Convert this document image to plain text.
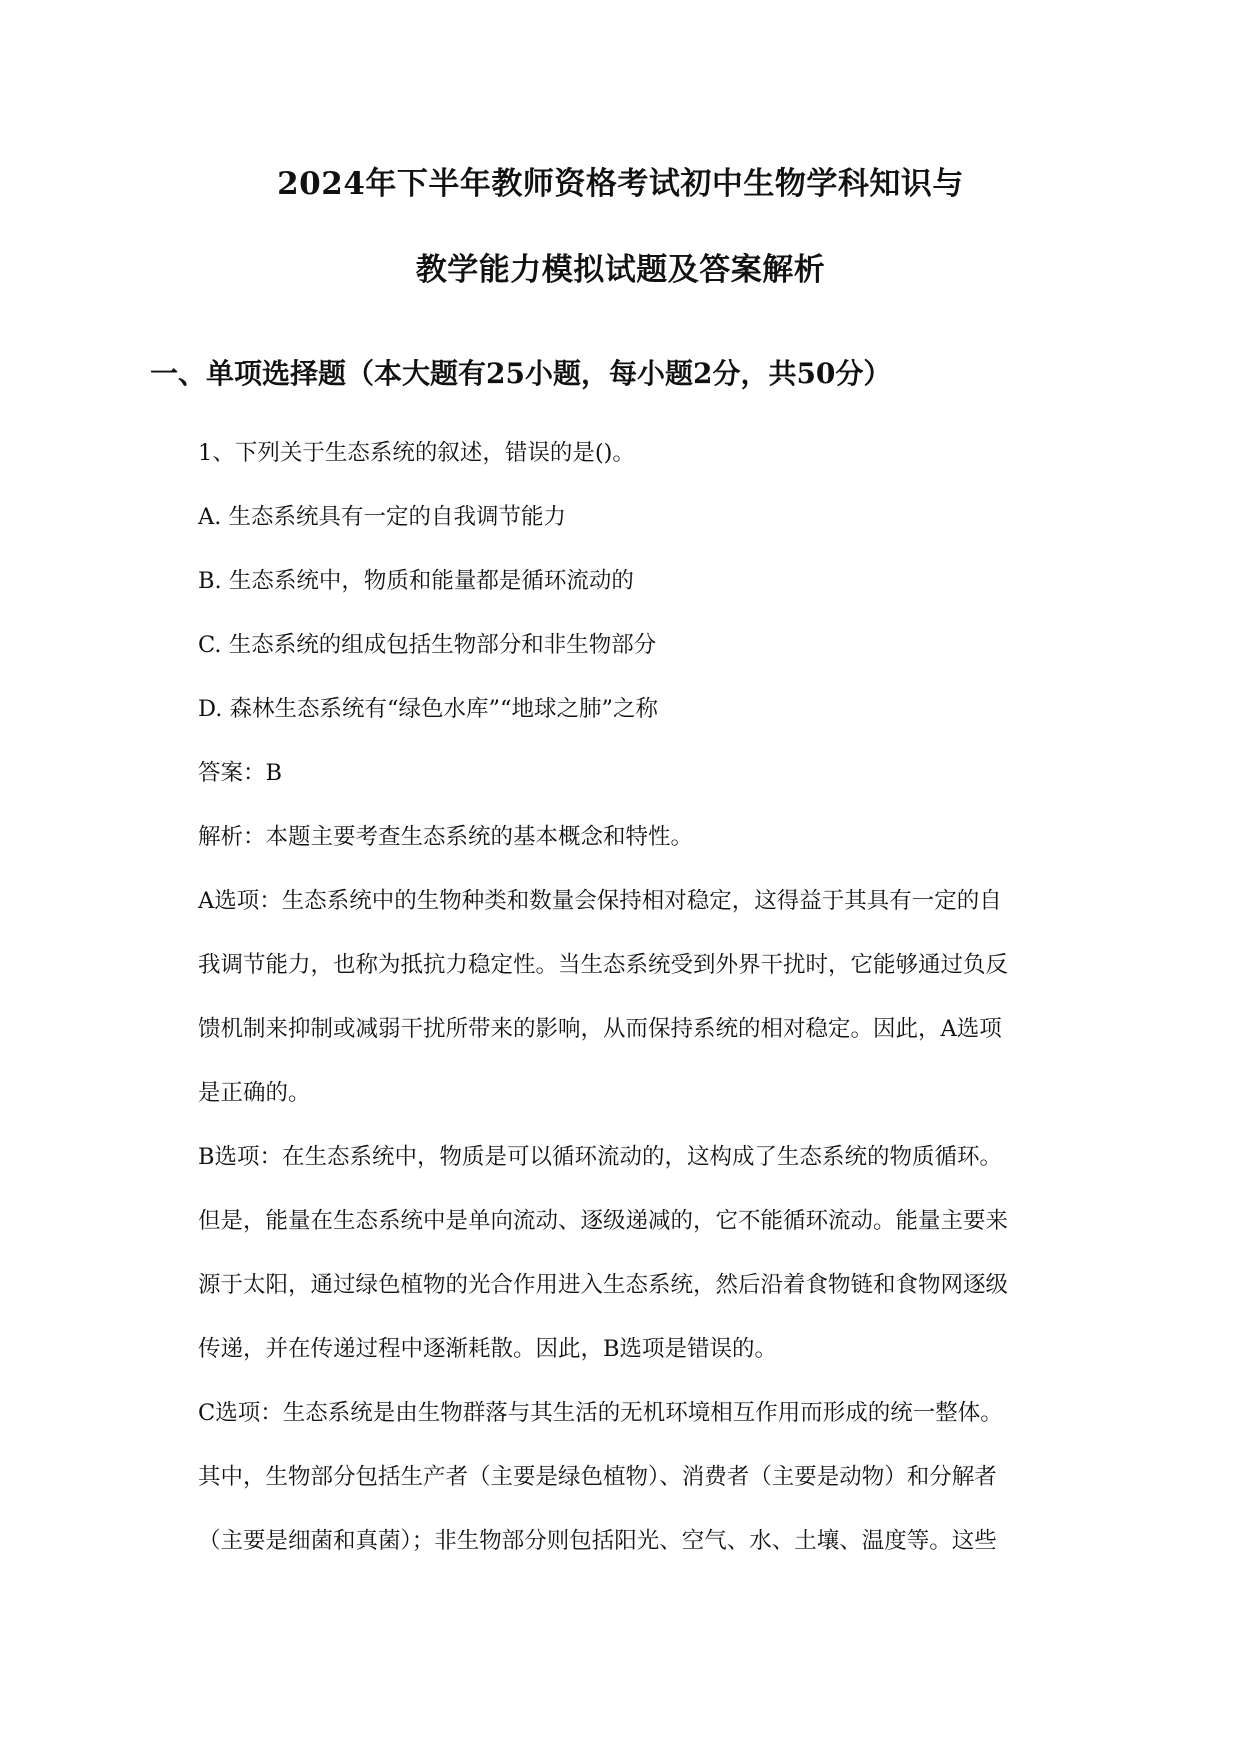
2024年下半年教师资格考试初中生物学科知识与
教学能力模拟试题及答案解析
一、单项选择题（本大题有25小题，每小题2分，共50分）
1、下列关于生态系统的叙述，错误的是()。
A. 生态系统具有一定的自我调节能力
B. 生态系统中，物质和能量都是循环流动的
C. 生态系统的组成包括生物部分和非生物部分
D. 森林生态系统有“绿色水库”“地球之肺”之称
答案：B
解析：本题主要考查生态系统的基本概念和特性。
A选项：生态系统中的生物种类和数量会保持相对稳定，这得益于其具有一定的自
我调节能力，也称为抵抗力稳定性。当生态系统受到外界干扰时，它能够通过负反
馈机制来抑制或减弱干扰所带来的影响，从而保持系统的相对稳定。因此，A选项
是正确的。
B选项：在生态系统中，物质是可以循环流动的，这构成了生态系统的物质循环。
但是，能量在生态系统中是单向流动、逐级递减的，它不能循环流动。能量主要来
源于太阳，通过绿色植物的光合作用进入生态系统，然后沿着食物链和食物网逐级
传递，并在传递过程中逐渐耗散。因此，B选项是错误的。
C选项：生态系统是由生物群落与其生活的无机环境相互作用而形成的统一整体。
其中，生物部分包括生产者（主要是绿色植物）、消费者（主要是动物）和分解者
（主要是细菌和真菌）；非生物部分则包括阳光、空气、水、土壤、温度等。这些
